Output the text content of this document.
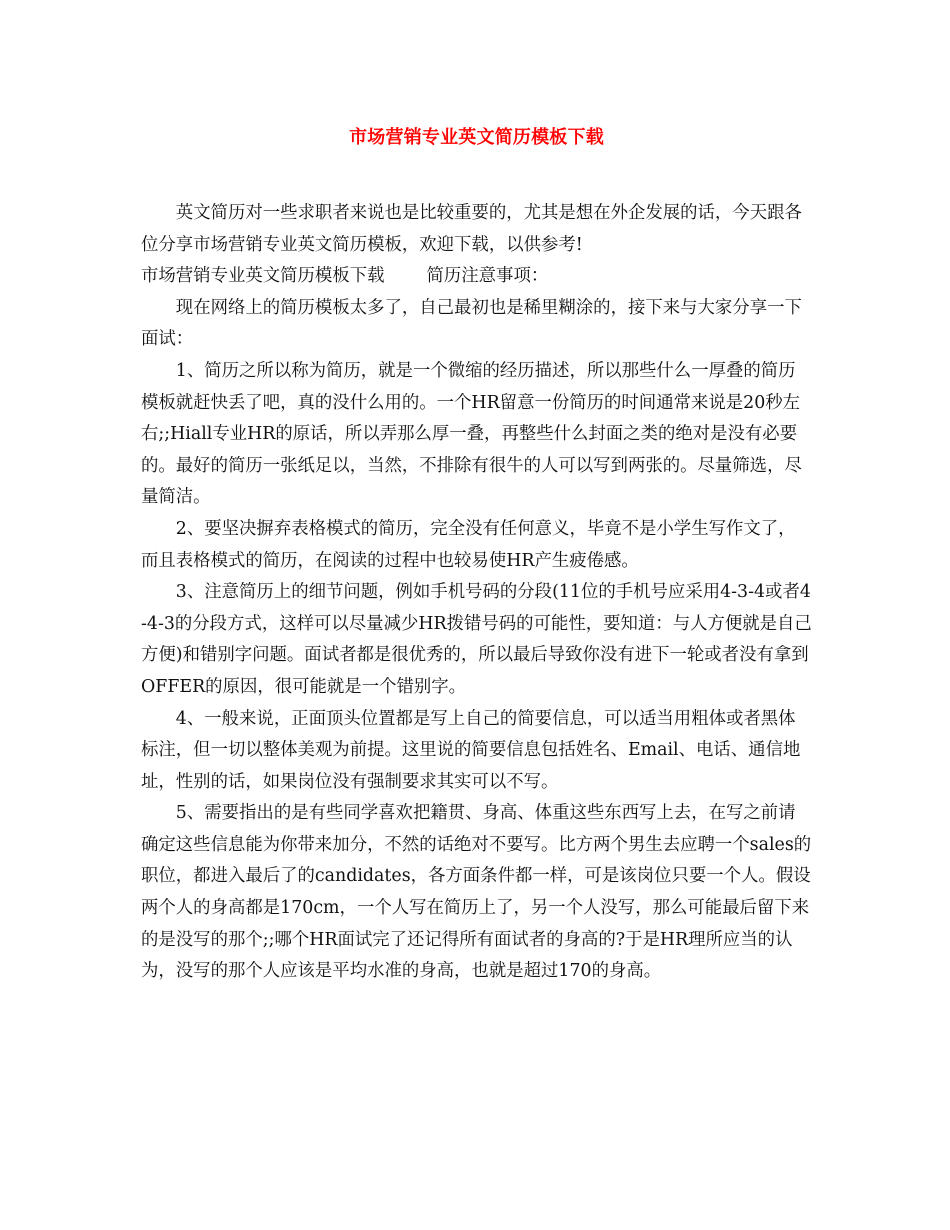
市场营销专业英文简历模板下载
英文简历对一些求职者来说也是比较重要的，尤其是想在外企发展的话，今天跟各位分享市场营销专业英文简历模板，欢迎下载，以供参考!
市场营销专业英文简历模板下载 简历注意事项：
现在网络上的简历模板太多了，自己最初也是稀里糊涂的，接下来与大家分享一下面试：
1、简历之所以称为简历，就是一个微缩的经历描述，所以那些什么一厚叠的简历模板就赶快丢了吧，真的没什么用的。一个HR留意一份简历的时间通常来说是20秒左右;;Hiall专业HR的原话，所以弄那么厚一叠，再整些什么封面之类的绝对是没有必要的。最好的简历一张纸足以，当然，不排除有很牛的人可以写到两张的。尽量筛选，尽量简洁。
2、要坚决摒弃表格模式的简历，完全没有任何意义，毕竟不是小学生写作文了，而且表格模式的简历，在阅读的过程中也较易使HR产生疲倦感。
3、注意简历上的细节问题，例如手机号码的分段(11位的手机号应采用4-3-4或者4-4-3的分段方式，这样可以尽量减少HR拨错号码的可能性，要知道：与人方便就是自己方便)和错别字问题。面试者都是很优秀的，所以最后导致你没有进下一轮或者没有拿到OFFER的原因，很可能就是一个错别字。
4、一般来说，正面顶头位置都是写上自己的简要信息，可以适当用粗体或者黑体标注，但一切以整体美观为前提。这里说的简要信息包括姓名、Email、电话、通信地址，性别的话，如果岗位没有强制要求其实可以不写。
5、需要指出的是有些同学喜欢把籍贯、身高、体重这些东西写上去，在写之前请确定这些信息能为你带来加分，不然的话绝对不要写。比方两个男生去应聘一个sales的职位，都进入最后了的candidates，各方面条件都一样，可是该岗位只要一个人。假设两个人的身高都是170cm，一个人写在简历上了，另一个人没写，那么可能最后留下来的是没写的那个;;哪个HR面试完了还记得所有面试者的身高的?于是HR理所应当的认为，没写的那个人应该是平均水准的身高，也就是超过170的身高。
